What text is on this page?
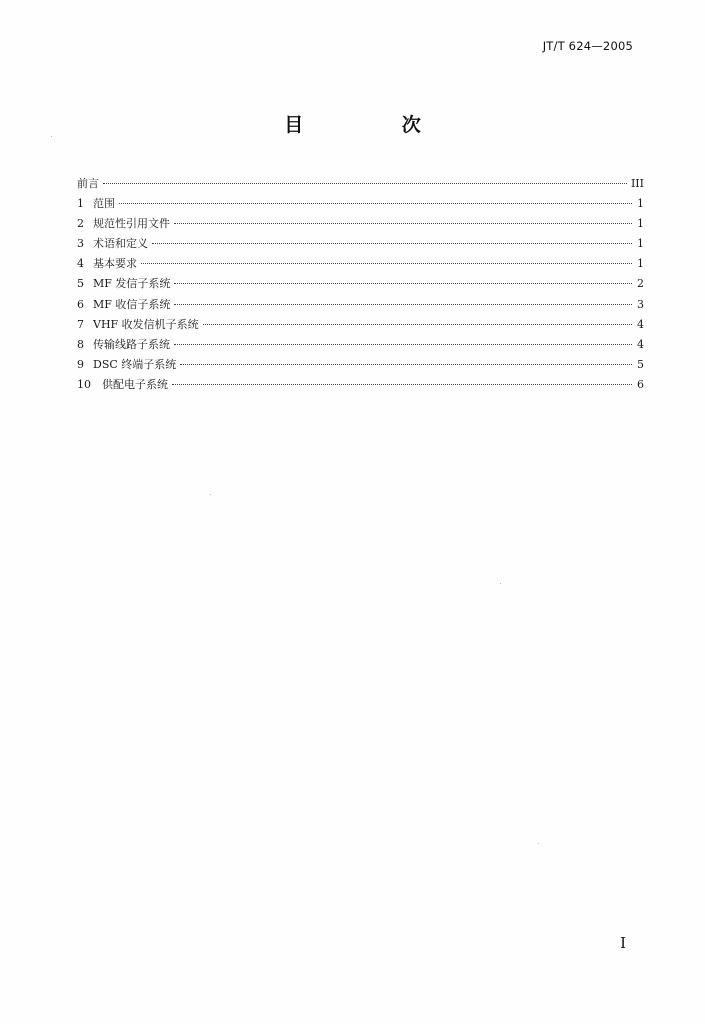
JT/T 624—2005
目 次
前言	III
1 范围	1
2 规范性引用文件	1
3 术语和定义	1
4 基本要求	1
5 MF 发信子系统	2
6 MF 收信子系统	3
7 VHF 收发信机子系统	4
8 传输线路子系统	4
9 DSC 终端子系统	5
10	供配电子系统	6
I
